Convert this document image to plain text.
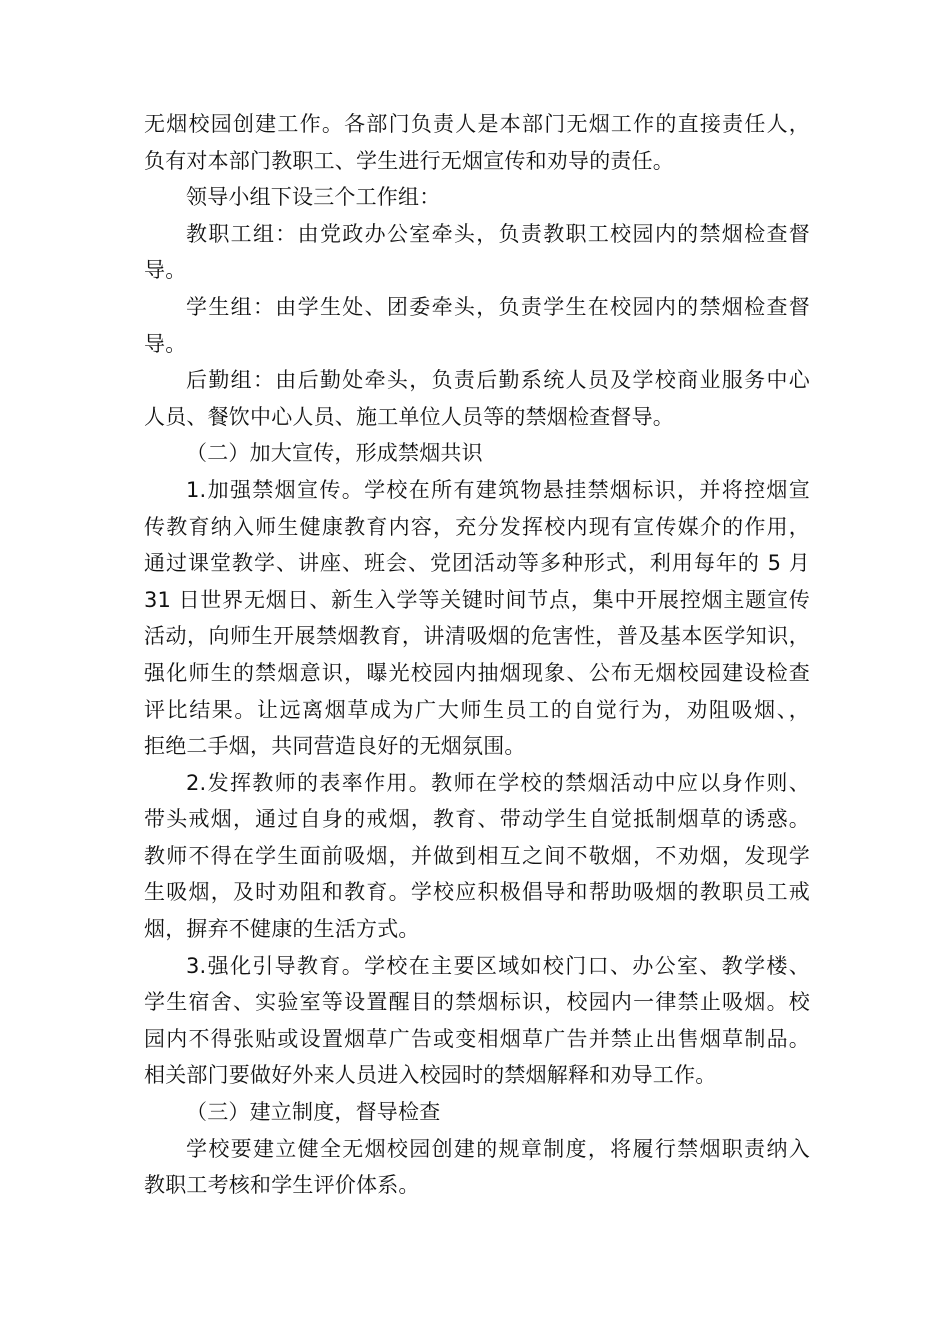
无烟校园创建工作。各部门负责人是本部门无烟工作的直接责任人，
负有对本部门教职工、学生进行无烟宣传和劝导的责任。
领导小组下设三个工作组：
教职工组：由党政办公室牵头，负责教职工校园内的禁烟检查督
导。
学生组：由学生处、团委牵头，负责学生在校园内的禁烟检查督
导。
后勤组：由后勤处牵头，负责后勤系统人员及学校商业服务中心
人员、餐饮中心人员、施工单位人员等的禁烟检查督导。
（二）加大宣传，形成禁烟共识
1.加强禁烟宣传。学校在所有建筑物悬挂禁烟标识，并将控烟宣
传教育纳入师生健康教育内容，充分发挥校内现有宣传媒介的作用，
通过课堂教学、讲座、班会、党团活动等多种形式，利用每年的 5 月
31 日世界无烟日、新生入学等关键时间节点，集中开展控烟主题宣传
活动，向师生开展禁烟教育，讲清吸烟的危害性，普及基本医学知识，
强化师生的禁烟意识，曝光校园内抽烟现象、公布无烟校园建设检查
评比结果。让远离烟草成为广大师生员工的自觉行为，劝阻吸烟、，
拒绝二手烟，共同营造良好的无烟氛围。
2.发挥教师的表率作用。教师在学校的禁烟活动中应以身作则、
带头戒烟，通过自身的戒烟，教育、带动学生自觉抵制烟草的诱惑。
教师不得在学生面前吸烟，并做到相互之间不敬烟，不劝烟，发现学
生吸烟，及时劝阻和教育。学校应积极倡导和帮助吸烟的教职员工戒
烟，摒弃不健康的生活方式。
3.强化引导教育。学校在主要区域如校门口、办公室、教学楼、
学生宿舍、实验室等设置醒目的禁烟标识，校园内一律禁止吸烟。校
园内不得张贴或设置烟草广告或变相烟草广告并禁止出售烟草制品。
相关部门要做好外来人员进入校园时的禁烟解释和劝导工作。
（三）建立制度，督导检查
学校要建立健全无烟校园创建的规章制度，将履行禁烟职责纳入
教职工考核和学生评价体系。
